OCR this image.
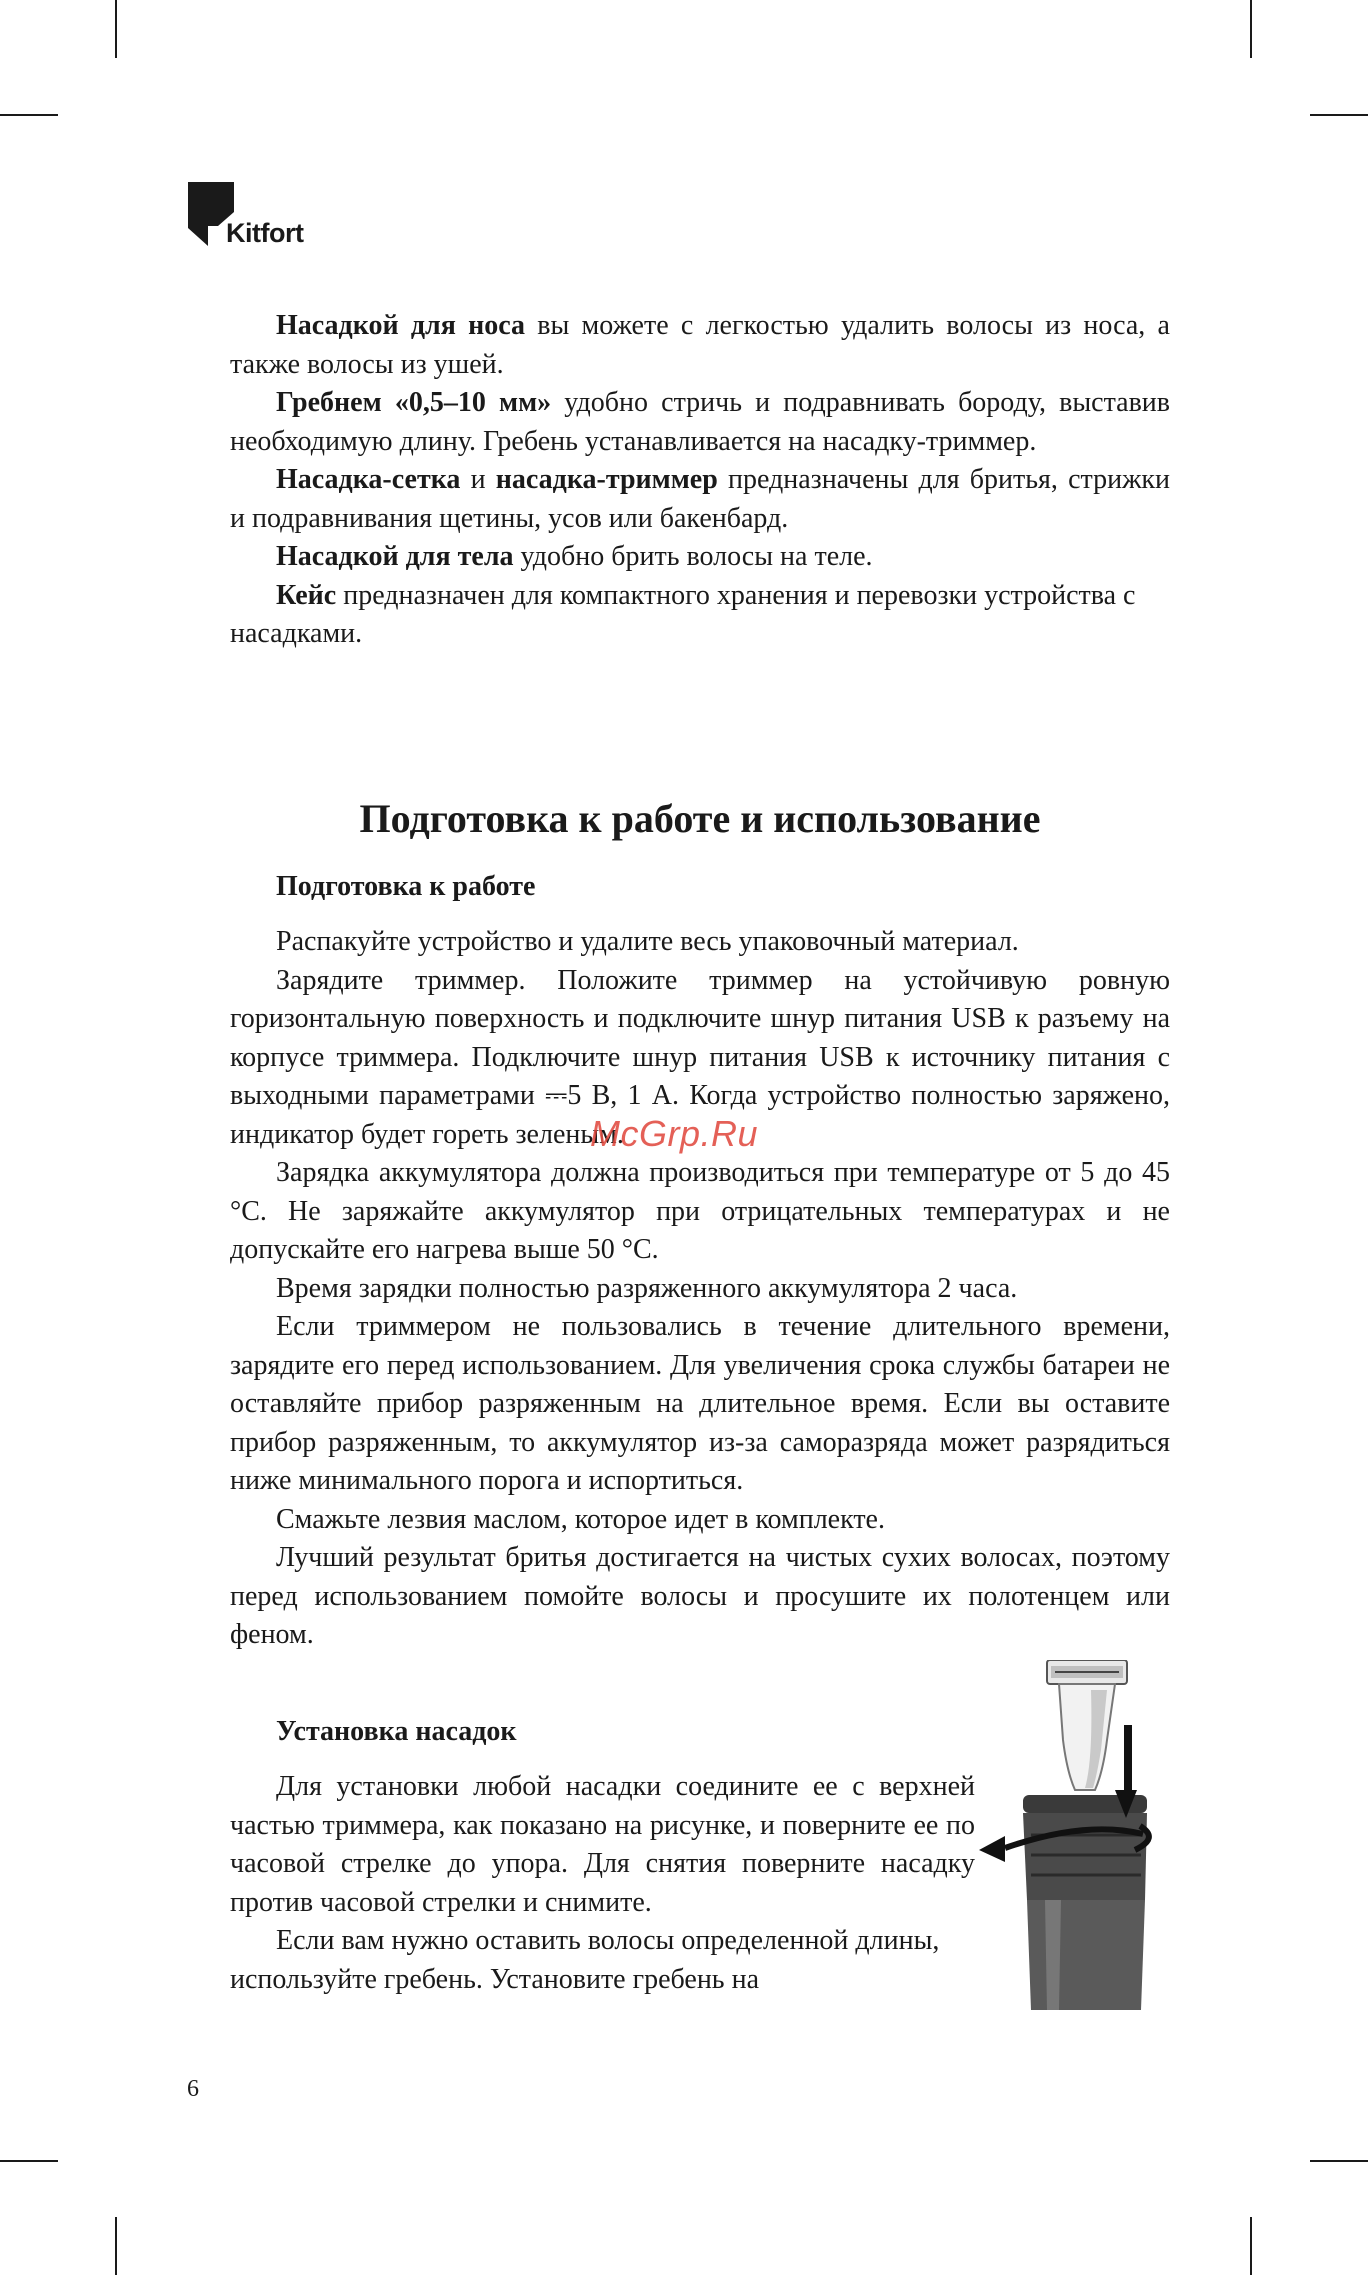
Kitfort

Насадкой для носа вы можете с легкостью удалить волосы из носа, а также волосы из ушей.

Гребнем «0,5–10 мм» удобно стричь и подравнивать бороду, выставив необходимую длину. Гребень устанавливается на насадку-триммер.

Насадка-сетка и насадка-триммер предназначены для бритья, стрижки и подравнивания щетины, усов или бакенбард.

Насадкой для тела удобно брить волосы на теле.

Кейс предназначен для компактного хранения и перевозки устройства с насадками.

Подготовка к работе и использование
Подготовка к работе

Распакуйте устройство и удалите весь упаковочный материал.

Зарядите триммер. Положите триммер на устойчивую ровную горизонтальную поверхность и подключите шнур питания USB к разъему на корпусе триммера. Подключите шнур питания USB к источнику питания с выходными параметрами ⎓5 В, 1 А. Когда устройство полностью заряжено, индикатор будет гореть зеленым.

Зарядка аккумулятора должна производиться при температуре от 5 до 45 °С. Не заряжайте аккумулятор при отрицательных температурах и не допускайте его нагрева выше 50 °С.

Время зарядки полностью разряженного аккумулятора 2 часа.

Если триммером не пользовались в течение длительного времени, зарядите его перед использованием. Для увеличения срока службы батареи не оставляйте прибор разряженным на длительное время. Если вы оставите прибор разряженным, то аккумулятор из-за саморазряда может разрядиться ниже минимального порога и испортиться.

Смажьте лезвия маслом, которое идет в комплекте.

Лучший результат бритья достигается на чистых сухих волосах, поэтому перед использованием помойте волосы и просушите их полотенцем или феном.

Установка насадок

Для установки любой насадки соедините ее с верхней частью триммера, как показано на рисунке, и поверните ее по часовой стрелке до упора. Для снятия поверните насадку против часовой стрелки и снимите.

Если вам нужно оставить волосы определенной длины, используйте гребень. Установите гребень на

McGrp.Ru
6
